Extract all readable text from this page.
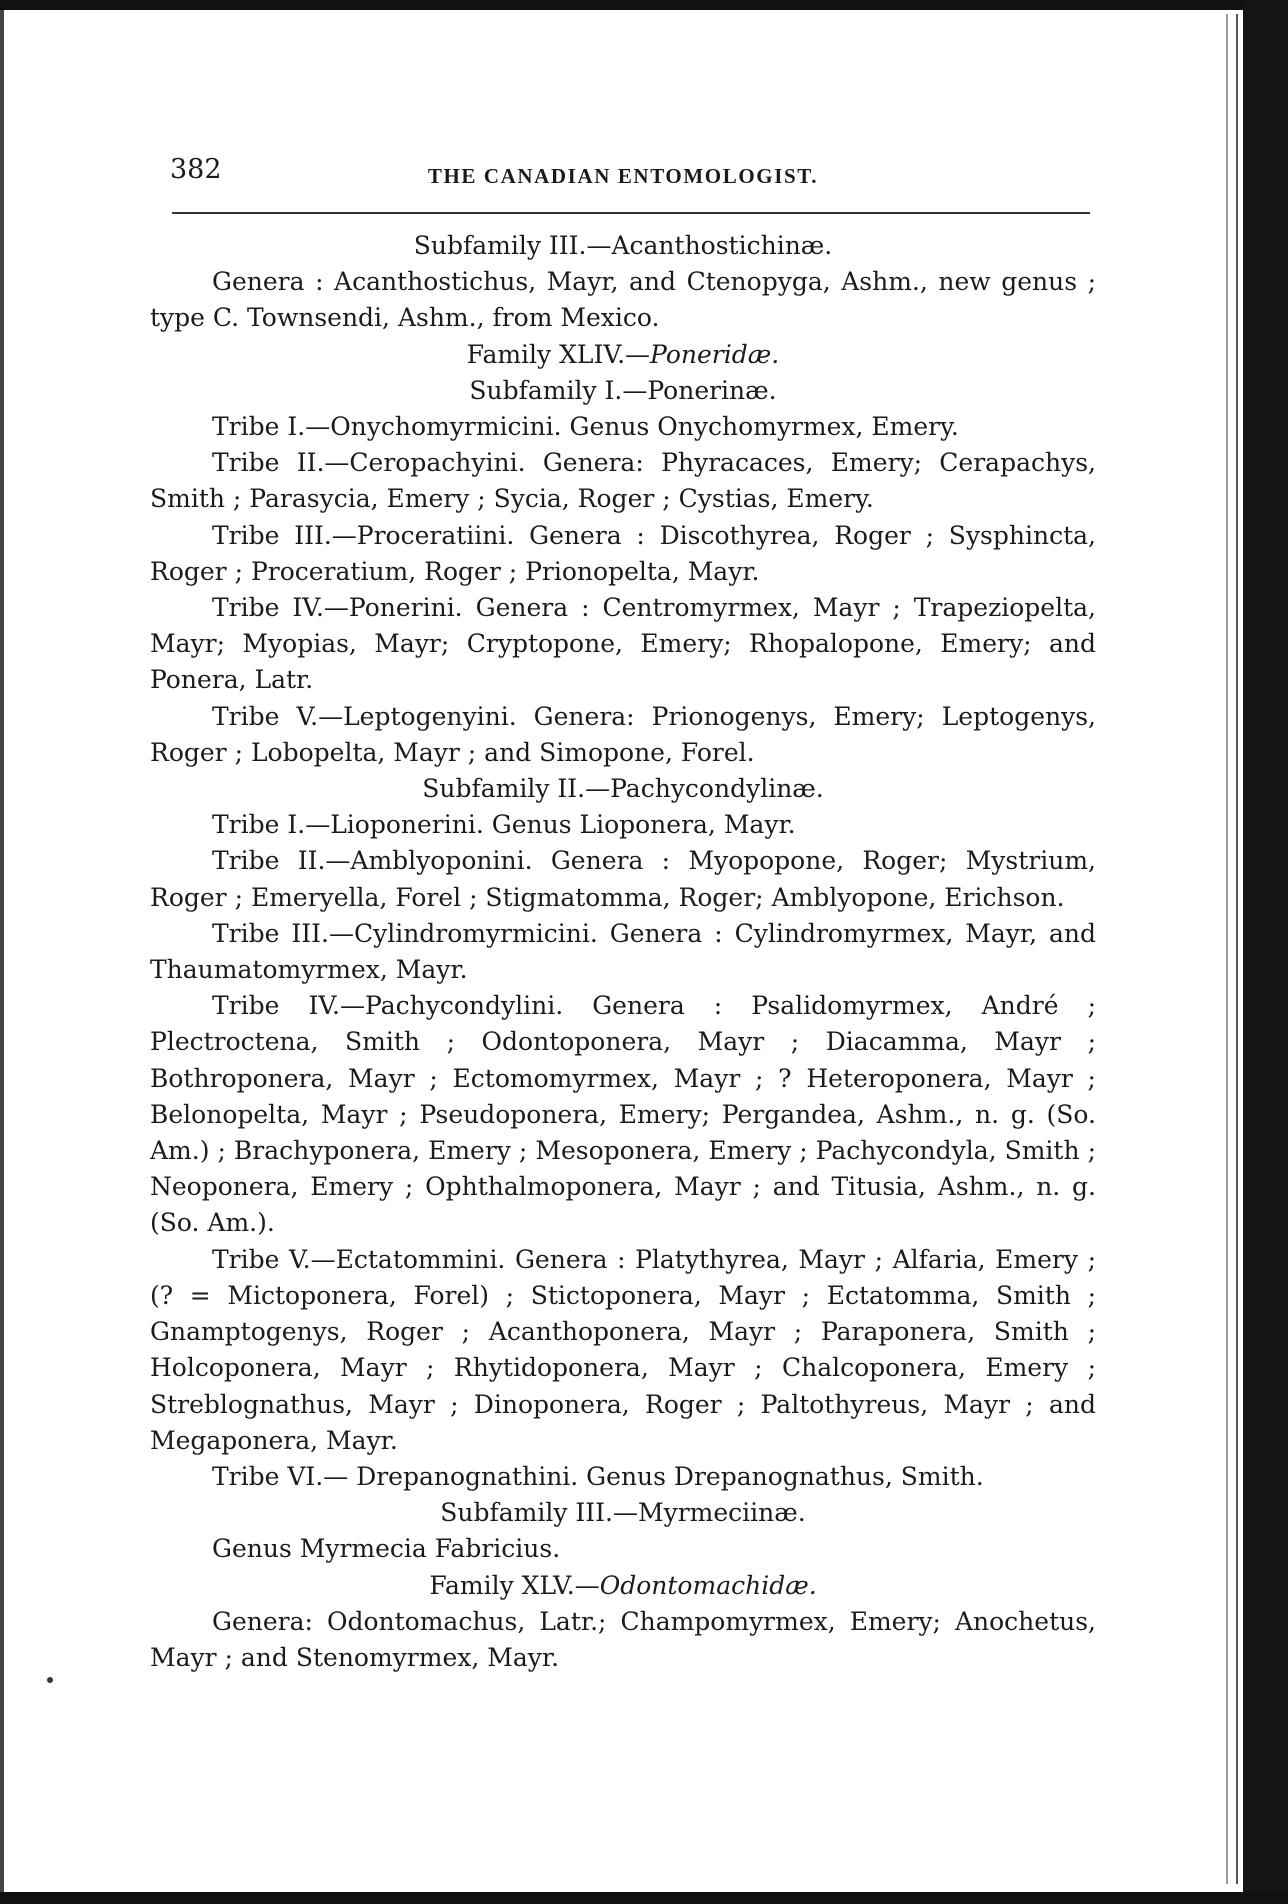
382	THE CANADIAN ENTOMOLOGIST.
Subfamily III.—Acanthostichinæ.
Genera : Acanthostichus, Mayr, and Ctenopyga, Ashm., new genus ; type C. Townsendi, Ashm., from Mexico.
Family XLIV.—Poneridæ.
Subfamily I.—Ponerinæ.
Tribe I.—Onychomyrmicini. Genus Onychomyrmex, Emery.
Tribe II.—Ceropachyini. Genera: Phyracaces, Emery; Cerapachys, Smith ; Parasycia, Emery ; Sycia, Roger ; Cystias, Emery.
Tribe III.—Proceratiini. Genera : Discothyrea, Roger ; Sysphincta, Roger ; Proceratium, Roger ; Prionopelta, Mayr.
Tribe IV.—Ponerini. Genera : Centromyrmex, Mayr ; Trapeziopelta, Mayr; Myopias, Mayr; Cryptopone, Emery; Rhopalopone, Emery; and Ponera, Latr.
Tribe V.—Leptogenyini. Genera: Prionogenys, Emery; Leptogenys, Roger ; Lobopelta, Mayr ; and Simopone, Forel.
Subfamily II.—Pachycondylinæ.
Tribe I.—Lioponerini. Genus Lioponera, Mayr.
Tribe II.—Amblyoponini. Genera : Myopopone, Roger; Mystrium, Roger ; Emeryella, Forel ; Stigmatomma, Roger; Amblyopone, Erichson.
Tribe III.—Cylindromyrmicini. Genera : Cylindromyrmex, Mayr, and Thaumatomyrmex, Mayr.
Tribe IV.—Pachycondylini. Genera : Psalidomyrmex, André ; Plectroctena, Smith ; Odontoponera, Mayr ; Diacamma, Mayr ; Bothroponera, Mayr ; Ectomomyrmex, Mayr ; ? Heteroponera, Mayr ; Belonopelta, Mayr ; Pseudoponera, Emery; Pergandea, Ashm., n. g. (So. Am.) ; Brachyponera, Emery ; Mesoponera, Emery ; Pachycondyla, Smith ; Neoponera, Emery ; Ophthalmoponera, Mayr ; and Titusia, Ashm., n. g. (So. Am.).
Tribe V.—Ectatommini. Genera : Platythyrea, Mayr ; Alfaria, Emery ; (? = Mictoponera, Forel) ; Stictoponera, Mayr ; Ectatomma, Smith ; Gnamptogenys, Roger ; Acanthoponera, Mayr ; Paraponera, Smith ; Holcoponera, Mayr ; Rhytidoponera, Mayr ; Chalcoponera, Emery ; Streblognathus, Mayr ; Dinoponera, Roger ; Paltothyreus, Mayr ; and Megaponera, Mayr.
Tribe VI.— Drepanognathini. Genus Drepanognathus, Smith.
Subfamily III.—Myrmeciinæ.
Genus Myrmecia Fabricius.
Family XLV.—Odontomachidæ.
Genera: Odontomachus, Latr.; Champomyrmex, Emery; Anochetus, Mayr ; and Stenomyrmex, Mayr.
